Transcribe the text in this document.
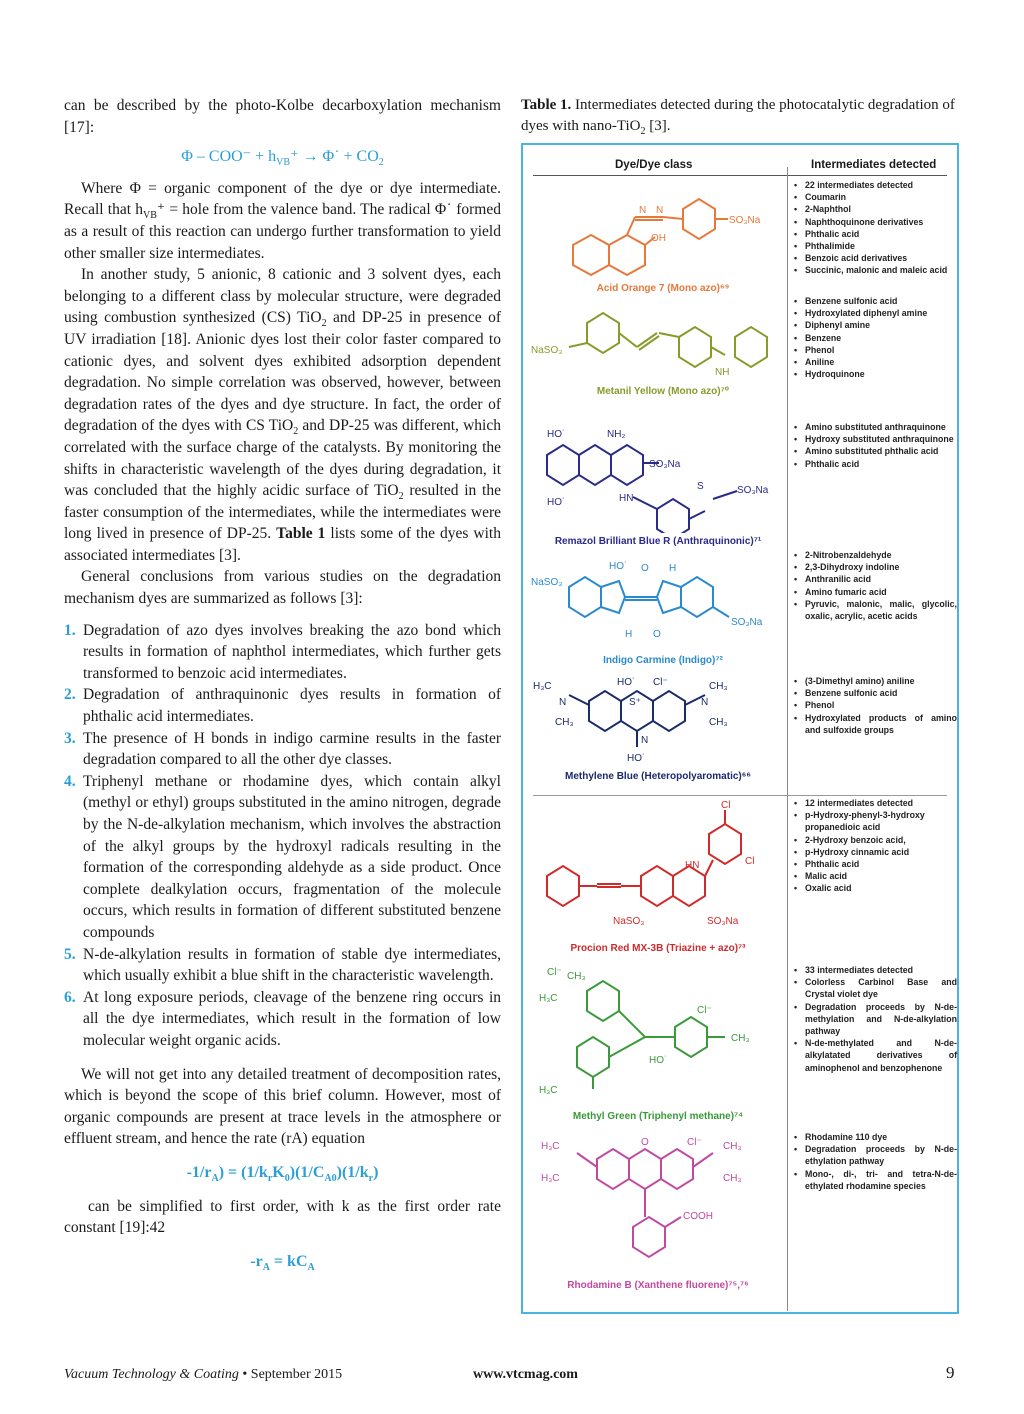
can be described by the photo-Kolbe decarboxylation mechanism [17]:

$\Phi - COO^- + h_{VB}^+$ → Φ˙ + $CO_2$

Where Φ = organic component of the dye or dye intermediate. Recall that $h_{VB}^+$ = hole from the valence band. The radical Φ˙ formed as a result of this reaction can undergo further transformation to yield other smaller size intermediates.

In another study, 5 anionic, 8 cationic and 3 solvent dyes, each belonging to a different class by molecular structure, were degraded using combustion synthesized (CS) TiO$_2$ and DP-25 in presence of UV irradiation [18]. Anionic dyes lost their color faster compared to cationic dyes, and solvent dyes exhibited adsorption dependent degradation. No simple correlation was observed, however, between degradation rates of the dyes and dye structure. In fact, the order of degradation of the dyes with CS TiO$_2$ and DP-25 was different, which correlated with the surface charge of the catalysts. By monitoring the shifts in characteristic wavelength of the dyes during degradation, it was concluded that the highly acidic surface of TiO$_2$ resulted in the faster consumption of the intermediates, while the intermediates were long lived in presence of DP-25. Table 1 lists some of the dyes with associated intermediates [3].

General conclusions from various studies on the degradation mechanism dyes are summarized as follows [3]:

1. Degradation of azo dyes involves breaking the azo bond which results in formation of naphthol intermediates, which further gets transformed to benzoic acid intermediates.
2. Degradation of anthraquinonic dyes results in formation of phthalic acid intermediates.
3. The presence of H bonds in indigo carmine results in the faster degradation compared to all the other dye classes.
4. Triphenyl methane or rhodamine dyes, which contain alkyl (methyl or ethyl) groups substituted in the amino nitrogen, degrade by the N-de-alkylation mechanism, which involves the abstraction of the alkyl groups by the hydroxyl radicals resulting in the formation of the corresponding aldehyde as a side product. Once complete dealkylation occurs, fragmentation of the molecule occurs, which results in formation of different substituted benzene compounds
5. N-de-alkylation results in formation of stable dye intermediates, which usually exhibit a blue shift in the characteristic wavelength.
6. At long exposure periods, cleavage of the benzene ring occurs in all the dye intermediates, which result in the formation of low molecular weight organic acids.

We will not get into any detailed treatment of decomposition rates, which is beyond the scope of this brief column. However, most of organic compounds are present at trace levels in the atmosphere or effluent stream, and hence the rate (rA) equation

$-1/r_A) = (1/k_rK_0)(1/C_{A0})(1/k_r)$

can be simplified to first order, with k as the first order rate constant [19]:42

$-r_A = kC_A$
Table 1. Intermediates detected during the photocatalytic degradation of dyes with nano-TiO$_2$ [3].
Dye/Dye class	Intermediates detected
N N
OH
SO₃Na
Acid Orange 7 (Mono azo)⁶⁹
• 22 intermediates detected
• Coumarin
• 2-Naphthol
• Naphthoquinone derivatives
• Phthalic acid
• Phthalimide
• Benzoic acid derivatives
• Succinic, malonic and maleic acid
NaSO₃
NH
Metanil Yellow (Mono azo)⁷⁰
• Benzene sulfonic acid
• Hydroxylated diphenyl amine
• Diphenyl amine
• Benzene
• Phenol
• Aniline
• Hydroquinone
HO˙	NH₂
SO₃Na
HO˙	HN
S	SO₃Na
Remazol Brilliant Blue R (Anthraquinonic)⁷¹
• Amino substituted anthraquinone
• Hydroxy substituted anthraquinone
• Amino substituted phthalic acid
• Phthalic acid
NaSO₃
HO˙ O H
H O
SO₃Na
Indigo Carmine (Indigo)⁷²
• 2-Nitrobenzaldehyde
• 2,3-Dihydroxy indoline
• Anthranilic acid
• Amino fumaric acid
• Pyruvic, malonic, malic, glycolic, oxalic, acrylic, acetic acids
H₃C
N
CH₃
HO˙
S⁺
Cl⁻	CH₃
N
CH₃
N
HO˙
Methylene Blue (Heteropolyaromatic)⁶⁶
• (3-Dimethyl amino) aniline
• Benzene sulfonic acid
• Phenol
• Hydroxylated products of amino and sulfoxide groups
Cl
Cl
HN
NaSO₃	SO₃Na
Procion Red MX-3B (Triazine + azo)⁷³
• 12 intermediates detected
• p-Hydroxy-phenyl-3-hydroxy propanedioic acid
• 2-Hydroxy benzoic acid,
• p-Hydroxy cinnamic acid
• Phthalic acid
• Malic acid
• Oxalic acid
Cl⁻ CH₃
H₃C
Cl⁻
CH₃
HO˙
H₃C
Methyl Green (Triphenyl methane)⁷⁴
• 33 intermediates detected
• Colorless Carbinol Base and Crystal violet dye
• Degradation proceeds by N-de-methylation and N-de-alkylation pathway
• N-de-methylated and N-de-alkylatated derivatives of aminophenol and benzophenone
H₃C
H₃C
O	Cl⁻ CH₃
CH₃
COOH
Rhodamine B (Xanthene fluorene)⁷⁵,⁷⁶
• Rhodamine 110 dye
• Degradation proceeds by N-de-ethylation pathway
• Mono-, di-, tri- and tetra-N-de-ethylated rhodamine species
Vacuum Technology & Coating • September 2015	www.vtcmag.com	9
